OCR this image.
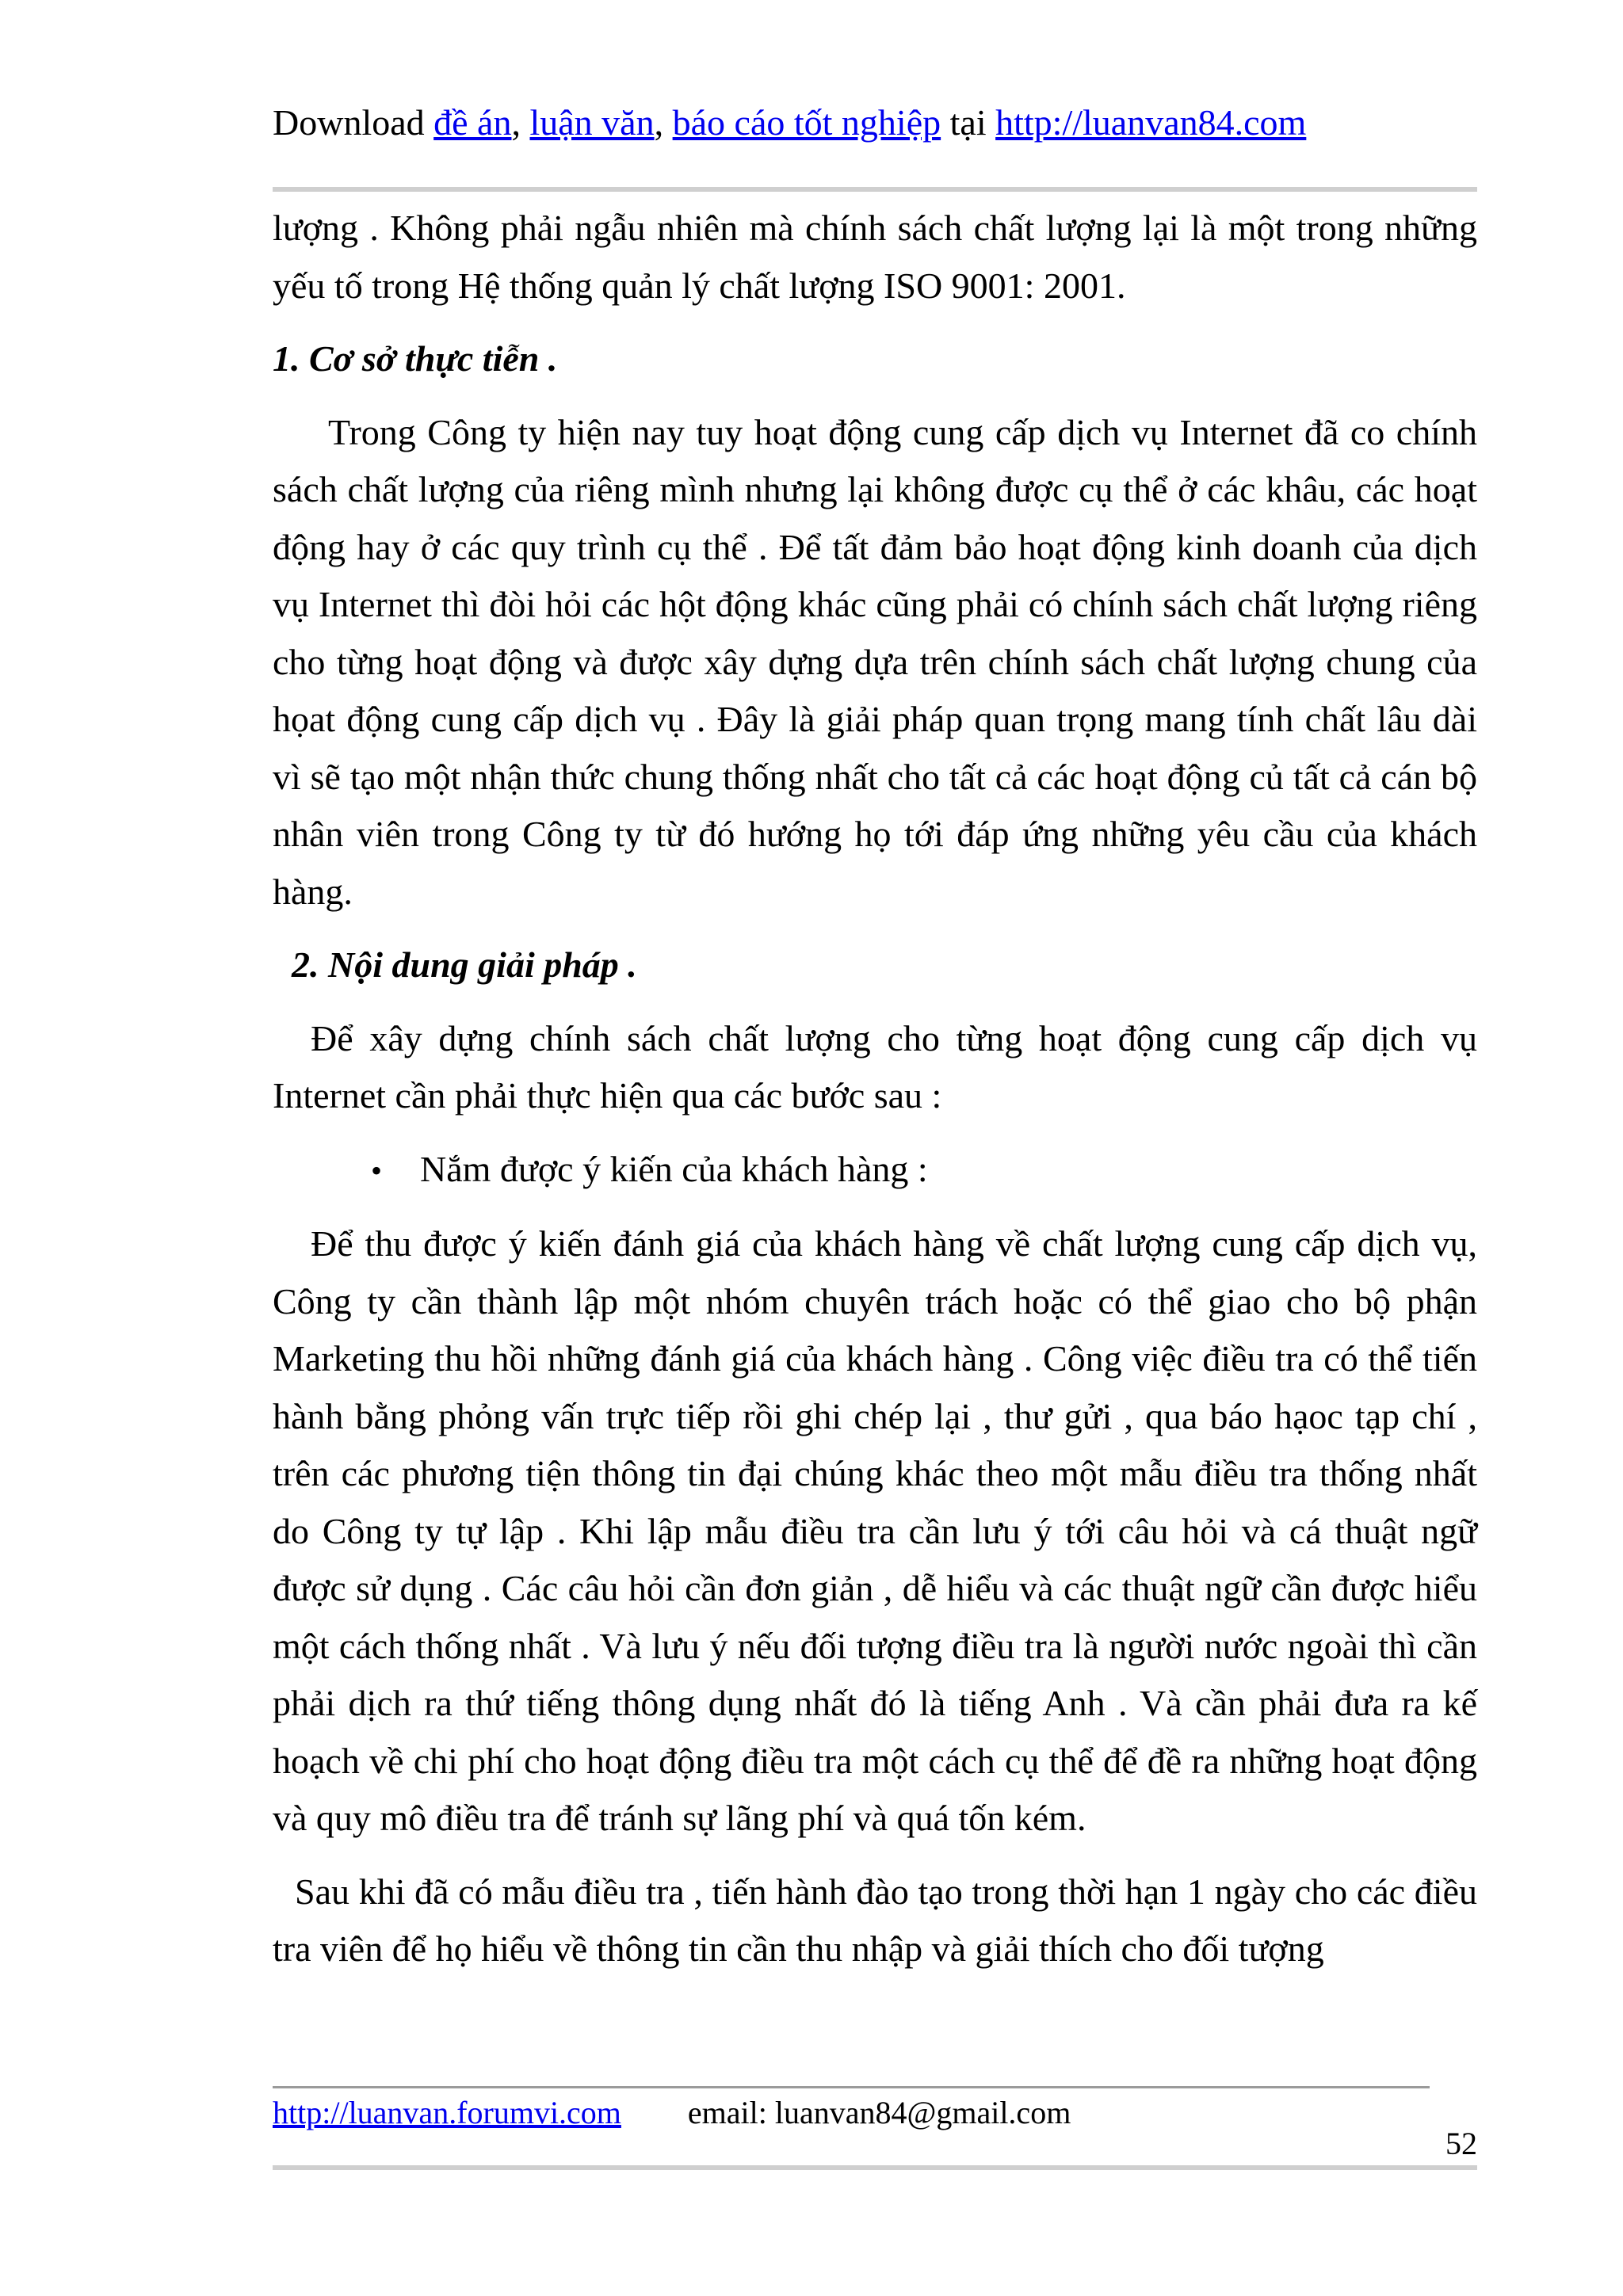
Download đề án, luận văn, báo cáo tốt nghiệp tại http://luanvan84.com

lượng . Không phải ngẫu nhiên mà chính sách chất lượng lại là một trong những yếu tố trong Hệ thống quản lý chất lượng ISO 9001: 2001.

1. Cơ sở thực tiễn .

Trong Công ty hiện nay tuy hoạt động cung cấp dịch vụ Internet đã co chính sách chất lượng của riêng mình nhưng lại không được cụ thể ở các khâu, các hoạt động hay ở các quy trình cụ thể . Để tất đảm bảo hoạt động kinh doanh của dịch vụ Internet thì đòi hỏi các hột động khác cũng phải có chính sách chất lượng riêng cho từng hoạt động và được xây dựng dựa trên chính sách chất lượng chung của họat động cung cấp dịch vụ . Đây là giải pháp quan trọng mang tính chất lâu dài vì sẽ tạo một nhận thức chung thống nhất cho tất cả các hoạt động củ tất cả cán bộ nhân viên trong Công ty từ đó hướng họ tới đáp ứng những yêu cầu của khách hàng.

2. Nội dung giải pháp .

Để xây dựng chính sách chất lượng cho từng hoạt động cung cấp dịch vụ Internet cần phải thực hiện qua các bước sau :

•	Nắm được ý kiến của khách hàng :

Để thu được ý kiến đánh giá của khách hàng về chất lượng cung cấp dịch vụ, Công ty cần thành lập một nhóm chuyên trách hoặc có thể giao cho bộ phận Marketing thu hồi những đánh giá của khách hàng . Công việc điều tra có thể tiến hành bằng phỏng vấn trực tiếp rồi ghi chép lại , thư gửi , qua báo hạoc tạp chí , trên các phương tiện thông tin đại chúng khác theo một mẫu điều tra thống nhất do Công ty tự lập . Khi lập mẫu điều tra cần lưu ý tới câu hỏi và cá thuật ngữ được sử dụng . Các câu hỏi cần đơn giản , dễ hiểu và các thuật ngữ cần được hiểu một cách thống nhất . Và lưu ý nếu đối tượng điều tra là người nước ngoài thì cần phải dịch ra thứ tiếng thông dụng nhất đó là tiếng Anh . Và cần phải đưa ra kế hoạch về chi phí cho hoạt động điều tra một cách cụ thể để đề ra những hoạt động và quy mô điều tra để tránh sự lãng phí và quá tốn kém.

Sau khi đã có mẫu điều tra , tiến hành đào tạo trong thời hạn 1 ngày cho các điều tra viên để họ hiểu về thông tin cần thu nhập và giải thích cho đối tượng

http://luanvan.forumvi.com email: luanvan84@gmail.com
52
